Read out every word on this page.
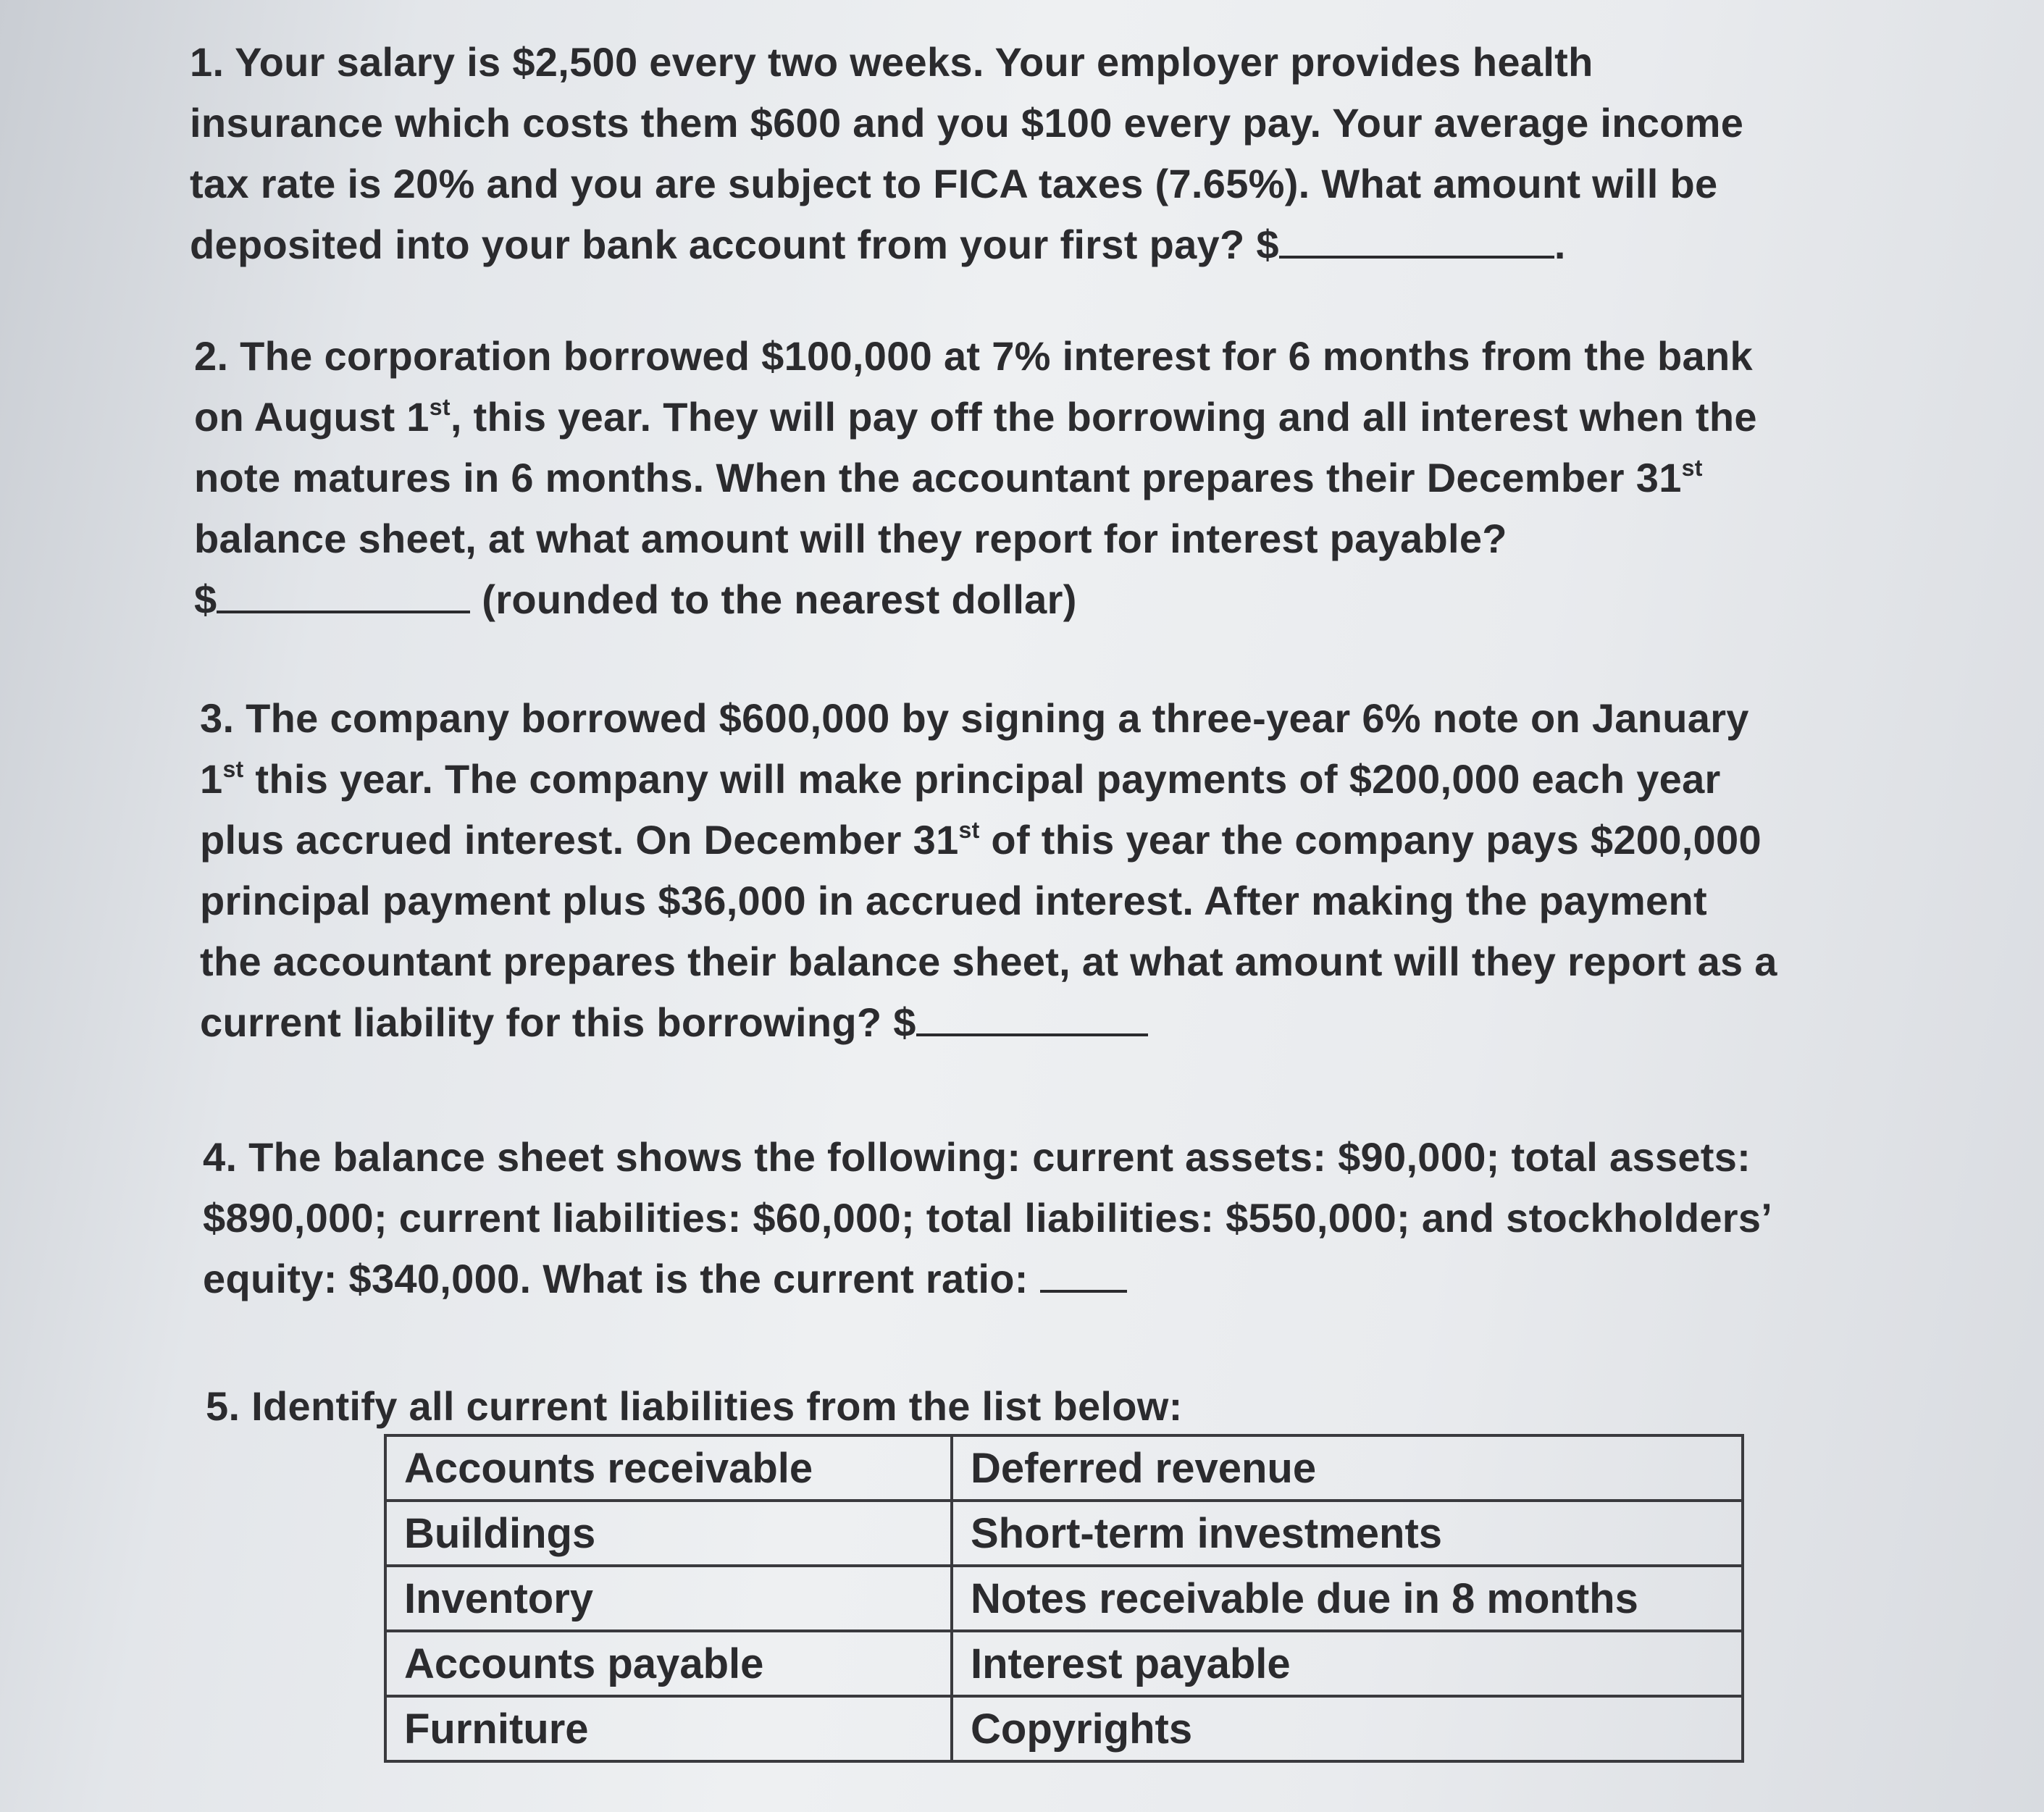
1. Your salary is $2,500 every two weeks. Your employer provides health
insurance which costs them $600 and you $100 every pay. Your average income
tax rate is 20% and you are subject to FICA taxes (7.65%). What amount will be
deposited into your bank account from your first pay? $	.
2. The corporation borrowed $100,000 at 7% interest for 6 months from the bank
on August 1st, this year. They will pay off the borrowing and all interest when the
note matures in 6 months. When the accountant prepares their December 31st
balance sheet, at what amount will they report for interest payable?
$	(rounded to the nearest dollar)
3. The company borrowed $600,000 by signing a three-year 6% note on January
1st this year. The company will make principal payments of $200,000 each year
plus accrued interest. On December 31st of this year the company pays $200,000
principal payment plus $36,000 in accrued interest. After making the payment
the accountant prepares their balance sheet, at what amount will they report as a
current liability for this borrowing? $
4. The balance sheet shows the following: current assets: $90,000; total assets:
$890,000; current liabilities: $60,000; total liabilities: $550,000; and stockholders’
equity: $340,000. What is the current ratio:
5. Identify all current liabilities from the list below:
Accounts receivable	Deferred revenue
Buildings	Short-term investments
Inventory	Notes receivable due in 8 months
Accounts payable	Interest payable
Furniture	Copyrights
